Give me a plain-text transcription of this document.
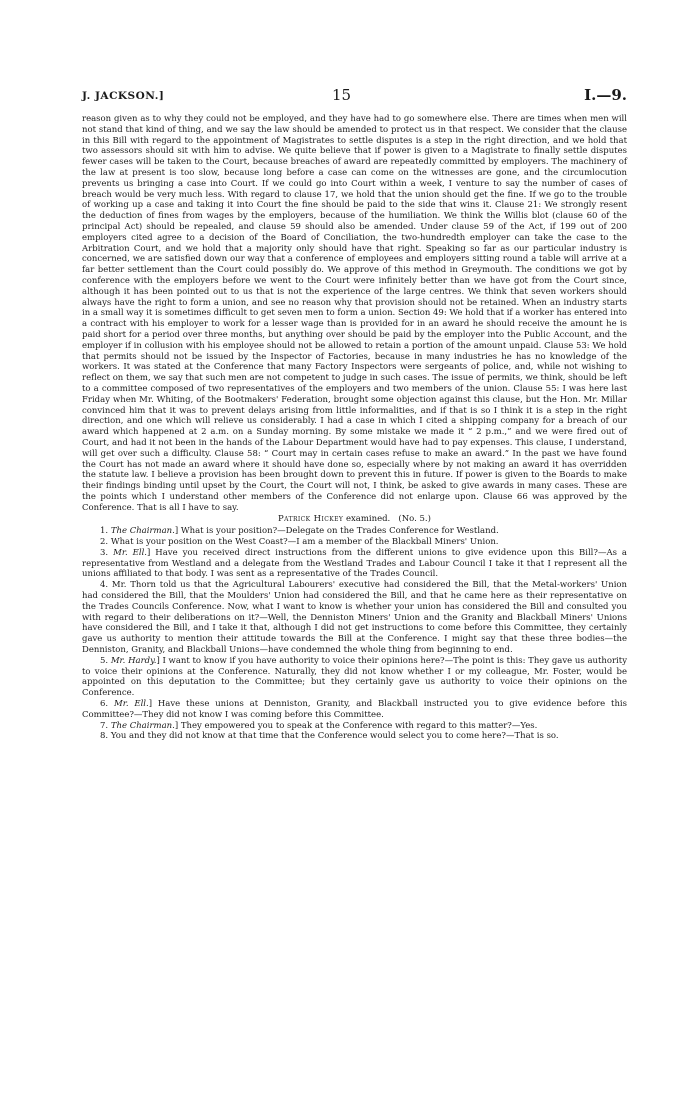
J. JACKSON.]	15	I.—9.

reason given as to why they could not be employed, and they have had to go somewhere else. There are times when men will not stand that kind of thing, and we say the law should be amended to protect us in that respect. We consider that the clause in this Bill with regard to the appointment of Magistrates to settle disputes is a step in the right direction, and we hold that two assessors should sit with him to advise. We quite believe that if power is given to a Magistrate to finally settle disputes fewer cases will be taken to the Court, because breaches of award are repeatedly committed by employers. The machinery of the law at present is too slow, because long before a case can come on the witnesses are gone, and the circumlocution prevents us bringing a case into Court. If we could go into Court within a week, I venture to say the number of cases of breach would be very much less. With regard to clause 17, we hold that the union should get the fine. If we go to the trouble of working up a case and taking it into Court the fine should be paid to the side that wins it. Clause 21: We strongly resent the deduction of fines from wages by the employers, because of the humiliation. We think the Willis blot (clause 60 of the principal Act) should be repealed, and clause 59 should also be amended. Under clause 59 of the Act, if 199 out of 200 employers cited agree to a decision of the Board of Conciliation, the two-hundredth employer can take the case to the Arbitration Court, and we hold that a majority only should have that right. Speaking so far as our particular industry is concerned, we are satisfied down our way that a conference of employees and employers sitting round a table will arrive at a far better settlement than the Court could possibly do. We approve of this method in Greymouth. The conditions we got by conference with the employers before we went to the Court were infinitely better than we have got from the Court since, although it has been pointed out to us that is not the experience of the large centres. We think that seven workers should always have the right to form a union, and see no reason why that provision should not be retained. When an industry starts in a small way it is sometimes difficult to get seven men to form a union. Section 49: We hold that if a worker has entered into a contract with his employer to work for a lesser wage than is provided for in an award he should receive the amount he is paid short for a period over three months, but anything over should be paid by the employer into the Public Account, and the employer if in collusion with his employee should not be allowed to retain a portion of the amount unpaid. Clause 53: We hold that permits should not be issued by the Inspector of Factories, because in many industries he has no knowledge of the workers. It was stated at the Conference that many Factory Inspectors were sergeants of police, and, while not wishing to reflect on them, we say that such men are not competent to judge in such cases. The issue of permits, we think, should be left to a committee composed of two representatives of the employers and two members of the union. Clause 55: I was here last Friday when Mr. Whiting, of the Bootmakers' Federation, brought some objection against this clause, but the Hon. Mr. Millar convinced him that it was to prevent delays arising from little informalities, and if that is so I think it is a step in the right direction, and one which will relieve us considerably. I had a case in which I cited a shipping company for a breach of our award which happened at 2 a.m. on a Sunday morning. By some mistake we made it “ 2 p.m.,” and we were fired out of Court, and had it not been in the hands of the Labour Department would have had to pay expenses. This clause, I understand, will get over such a difficulty. Clause 58: “ Court may in certain cases refuse to make an award.” In the past we have found the Court has not made an award where it should have done so, especially where by not making an award it has overridden the statute law. I believe a provision has been brought down to prevent this in future. If power is given to the Boards to make their findings binding until upset by the Court, the Court will not, I think, be asked to give awards in many cases. These are the points which I understand other members of the Conference did not enlarge upon. Clause 66 was approved by the Conference. That is all I have to say.

Patrick Hickey examined. (No. 5.)

1. The Chairman.] What is your position?—Delegate on the Trades Conference for Westland.

2. What is your position on the West Coast?—I am a member of the Blackball Miners' Union.

3. Mr. Ell.] Have you received direct instructions from the different unions to give evidence upon this Bill?—As a representative from Westland and a delegate from the Westland Trades and Labour Council I take it that I represent all the unions affiliated to that body. I was sent as a representative of the Trades Council.

4. Mr. Thorn told us that the Agricultural Labourers' executive had considered the Bill, that the Metal-workers' Union had considered the Bill, that the Moulders' Union had considered the Bill, and that he came here as their representative on the Trades Councils Conference. Now, what I want to know is whether your union has considered the Bill and consulted you with regard to their deliberations on it?—Well, the Denniston Miners' Union and the Granity and Blackball Miners' Unions have considered the Bill, and I take it that, although I did not get instructions to come before this Committee, they certainly gave us authority to mention their attitude towards the Bill at the Conference. I might say that these three bodies—the Denniston, Granity, and Blackball Unions—have condemned the whole thing from beginning to end.

5. Mr. Hardy.] I want to know if you have authority to voice their opinions here?—The point is this: They gave us authority to voice their opinions at the Conference. Naturally, they did not know whether I or my colleague, Mr. Foster, would be appointed on this deputation to the Committee; but they certainly gave us authority to voice their opinions on the Conference.

6. Mr. Ell.] Have these unions at Denniston, Granity, and Blackball instructed you to give evidence before this Committee?—They did not know I was coming before this Committee.

7. The Chairman.] They empowered you to speak at the Conference with regard to this matter?—Yes.

8. You and they did not know at that time that the Conference would select you to come here?—That is so.
